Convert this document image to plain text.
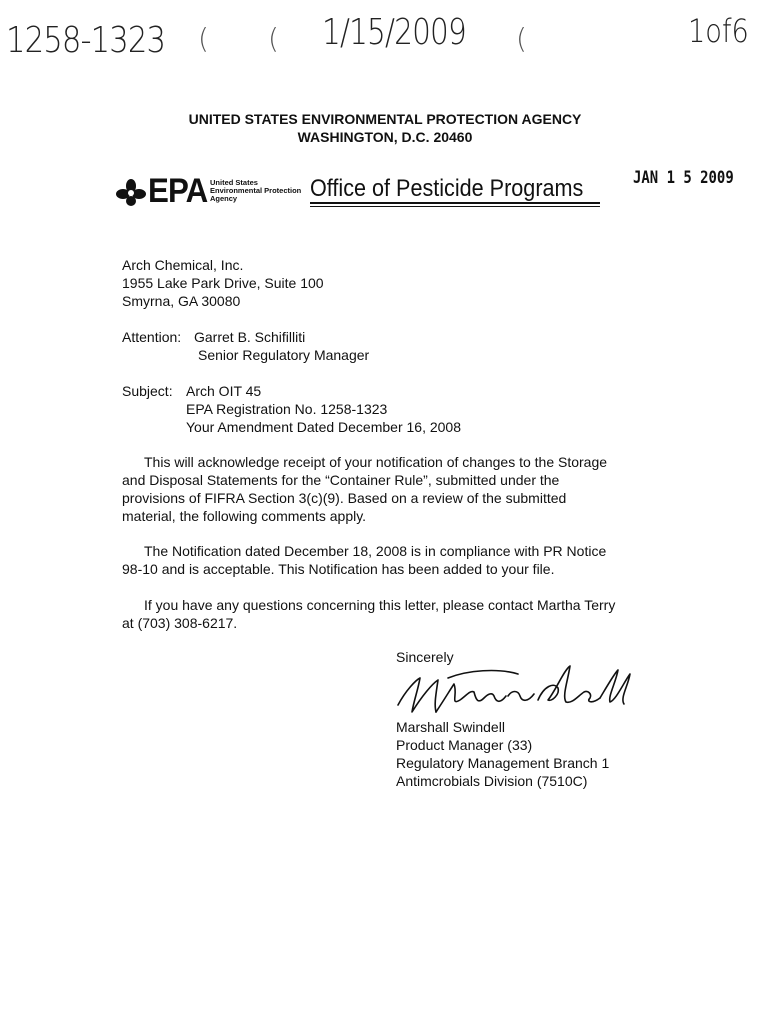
1258-1323 ( ( 1/15/2009 (	1of6
UNITED STATES ENVIRONMENTAL PROTECTION AGENCY
WASHINGTON, D.C. 20460
EPA United States
Environmental Protection
Agency	Office of Pesticide Programs	JAN 1 5 2009
Arch Chemical, Inc.
1955 Lake Park Drive, Suite 100
Smyrna, GA 30080
Attention: Garret B. Schifilliti
Senior Regulatory Manager
Subject: Arch OIT 45
EPA Registration No. 1258-1323
Your Amendment Dated December 16, 2008
This will acknowledge receipt of your notification of changes to the Storage
and Disposal Statements for the “Container Rule”, submitted under the
provisions of FIFRA Section 3(c)(9). Based on a review of the submitted
material, the following comments apply.
The Notification dated December 18, 2008 is in compliance with PR Notice
98-10 and is acceptable. This Notification has been added to your file.
If you have any questions concerning this letter, please contact Martha Terry
at (703) 308-6217.
Sincerely
Marshall Swindell
Product Manager (33)
Regulatory Management Branch 1
Antimcrobials Division (7510C)
